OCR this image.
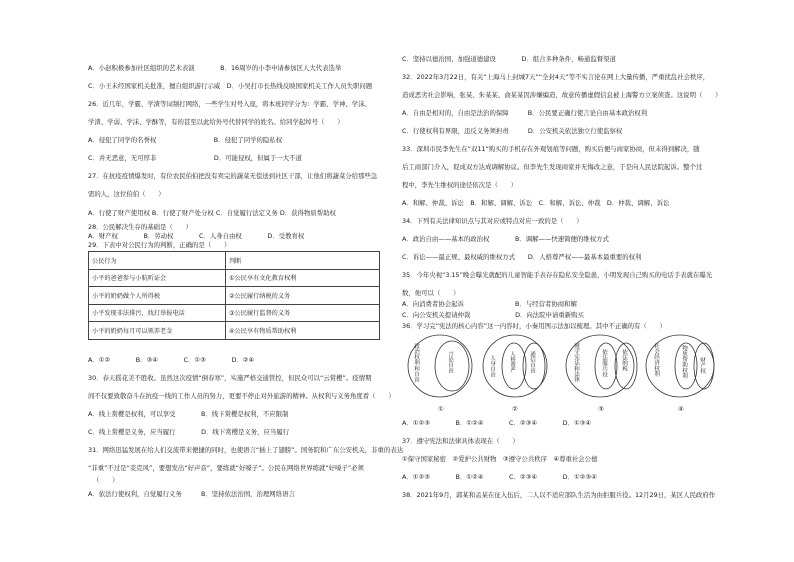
A．小赵积极参加社区组织的艺术表演　　　　B．16周岁的小李申请参加区人大代表选举
C．小王未经国家机关批准，擅自组织游行示威　D．小吴打市长热线反映国家机关工作人员失职问题
26．近几年，学霸、学渣等词频打网络，一些学生对号入座，将本班同学分为：学霸、学神、学沫、
学渣、学弱、学沫、学酥等，有的甚至以此给外号代替同学的姓名。给同学起绰号（　　）
A．侵犯了同学的名誉权　　　　　　　　　B．侵犯了同学的隐私权
C．并无恶意，无可厚非　　　　　　　　　D．可能侵权，但属于一大不道
27．在抗疫疫情爆发时，有位农民伯伯把没有卖完的蔬菜无偿送到社区干部，让他们将蔬菜分给那些急
需的人，这位伯伯（　　）
A．行使了财产使用权 B．行使了财产处分权 C．自觉履行法定义务 D．获得物质帮助权
28．公民解决生存的基础是（　　）
公民行为	判断
小平的爸爸参与小航听证会	①公民享有文化教育权利
小平的奶奶做个人所得税	②公民履行纳税的义务
小平发现非法排污，找打举报电话	③公民履行监督的义务
小平的奶奶每月可以领养老金	④公民享有物质帮助权利
A．①②　　　　B．③④　　　　C．①③　　　　D．②④
30．春天摇花美不胜收。虽然这次疫情“倒春寒”，实施严格交通管控，但民众可以“云赏樱”。疫情期
间不仅要致敬奋斗在抗疫一线的工作人员的努力，更要不停止对外旅游的精神。从权利与义务角度看（　　）
A．线上赏樱是权利，可以享受　　　　B．线下赏樱是权利，不应限制
C．线上赏樱是义务，应当履行　　　　D．线下赏樱是义务，应当履行
31．网络迅猛发展在给人们交流带来便捷的同时，也使语言“插上了翅膀”。国务院和广东公安机关，非重的表达
“非重”不过是“麦克风”，要想发出“好声音”，要练就“好嗓子”。公民在网络世界练就“好嗓子”必须
（　　）
A．依法行使权利，自觉履行义务　　　B．坚持依法治国，治理网络语言
A．财产权　　　　B．劳动权　　　　C．人身自由权　　　　D．受教育权
29．下表中对公民行为的判断，正确的是（　　）
C．坚持以德治国，加强道德建设　　　　D．组合多种条件，畅通监督渠道
32．2022年3月22日，有关“上海马上封城7天”“全封4天”等不实言论在网上大量传播，严重扰乱社会秩序，
造成恶劣社会影响，张某、朱某某、俞某某因涉嫌编造、故意传播虚假信息被上海警方立案侦查。这说明（　　）
A．自由是相对的，自由是法治的保障　　　B．公民要正确行使言论自由基本政治权利
C．行使权利有界限，违反义务须担责　　　D．公安机关依法独立行使监察权
33．深圳市民李先生在“双11”购买的手机存在外观划痕等问题，购买后便与商家协商，但未得到解决，随
后工商部门介入，促成双方达成调解协议。但李先生发现商家并无悔改之意，于是向人民法院起诉。整个过
程中，李先生维权的途径依次是（　　）
A．和解、仲裁、诉讼　B．和解、调解、诉讼　C．和解、诉讼、仲裁　D．仲裁、调解、诉讼
34．下列有关法律知识点与其对应或特点对应一致的是（　　）
A．政治自由——基本的政治权　　　　B．调解——快速简便的维权方式
C．诉讼——最正规、最权威的维权方式　　D．人格尊严权——最基本最重要的权利
35．今年央视“3.15”晚会曝光就配的儿童智能手表存在隐私安全隐患，小明发现自己购买的电话手表就在曝光
数，他可以（　　）
A．向消费者协会起诉　　　　　　　　B．与经营者协商和解
C．向公安机关提请仲裁　　　　　　　D．向法院申请重新购买
36．学习完“宪法的核心内容”这一内容时，小秦用图示法加以梳理。其中不正确的有（　　）
政治权利和自由	言论自由
①
人身自由	人格尊严	通信自由
②
遵守宪法和法律	依法服兵役	依法纳税
③
社会经济权利	物质帮助权利 财产权
④
A．①②③　　　　B．①②④　　　　C．②③④　　　　D．①③④
37．遵守宪法和法律具体表现在（　　）
①保守国家秘密　②爱护公共财物　③遵守公共秩序　④尊重社会公德
A．①②③　　　　B．①②④　　　　C．②③④　　　　D．①②③④
38．2021年9月，郭某和孟某在征入伍后，二人以不适应部队生活为由拒服兵役。12月29日，某区人民政府作
